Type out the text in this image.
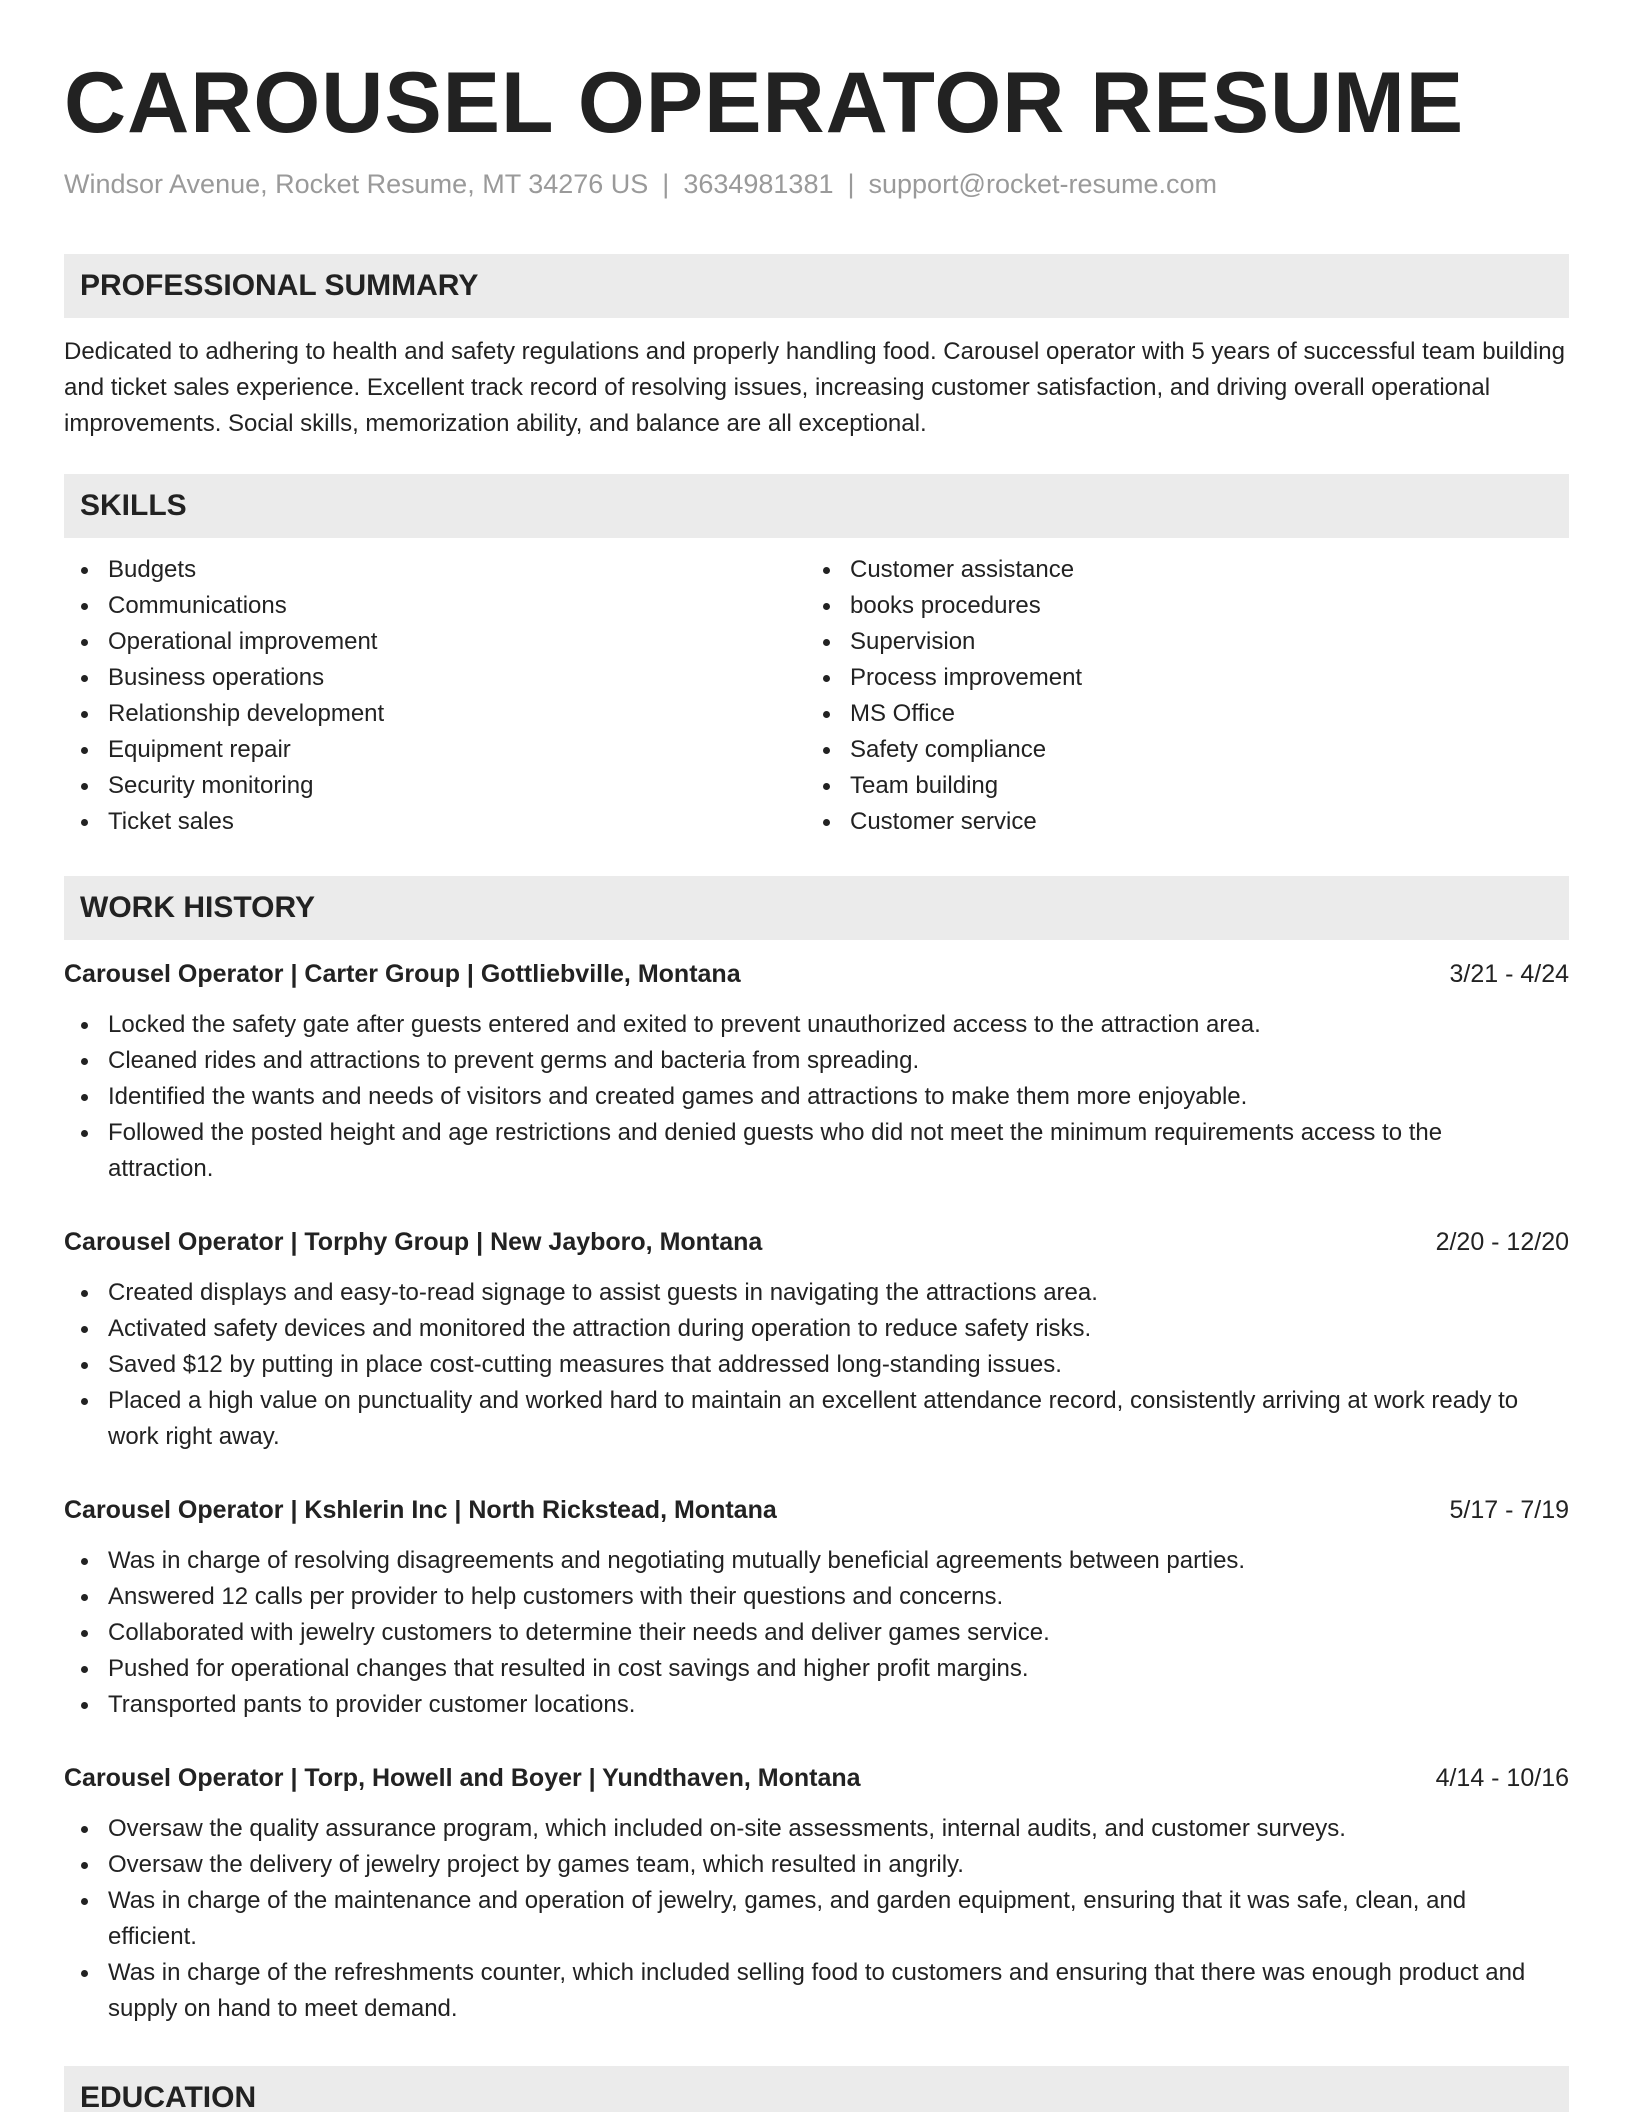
CAROUSEL OPERATOR RESUME
Windsor Avenue, Rocket Resume, MT 34276 US | 3634981381 | support@rocket-resume.com
PROFESSIONAL SUMMARY

Dedicated to adhering to health and safety regulations and properly handling food. Carousel operator with 5 years of successful team building and ticket sales experience. Excellent track record of resolving issues, increasing customer satisfaction, and driving overall operational improvements. Social skills, memorization ability, and balance are all exceptional.

SKILLS
Budgets
Communications
Operational improvement
Business operations
Relationship development
Equipment repair
Security monitoring
Ticket sales
Customer assistance
books procedures
Supervision
Process improvement
MS Office
Safety compliance
Team building
Customer service
WORK HISTORY
Carousel Operator | Carter Group | Gottliebville, Montana	3/21 - 4/24
Locked the safety gate after guests entered and exited to prevent unauthorized access to the attraction area.
Cleaned rides and attractions to prevent germs and bacteria from spreading.
Identified the wants and needs of visitors and created games and attractions to make them more enjoyable.
Followed the posted height and age restrictions and denied guests who did not meet the minimum requirements access to the attraction.
Carousel Operator | Torphy Group | New Jayboro, Montana	2/20 - 12/20
Created displays and easy-to-read signage to assist guests in navigating the attractions area.
Activated safety devices and monitored the attraction during operation to reduce safety risks.
Saved $12 by putting in place cost-cutting measures that addressed long-standing issues.
Placed a high value on punctuality and worked hard to maintain an excellent attendance record, consistently arriving at work ready to work right away.
Carousel Operator | Kshlerin Inc | North Rickstead, Montana	5/17 - 7/19
Was in charge of resolving disagreements and negotiating mutually beneficial agreements between parties.
Answered 12 calls per provider to help customers with their questions and concerns.
Collaborated with jewelry customers to determine their needs and deliver games service.
Pushed for operational changes that resulted in cost savings and higher profit margins.
Transported pants to provider customer locations.
Carousel Operator | Torp, Howell and Boyer | Yundthaven, Montana	4/14 - 10/16
Oversaw the quality assurance program, which included on-site assessments, internal audits, and customer surveys.
Oversaw the delivery of jewelry project by games team, which resulted in angrily.
Was in charge of the maintenance and operation of jewelry, games, and garden equipment, ensuring that it was safe, clean, and efficient.
Was in charge of the refreshments counter, which included selling food to customers and ensuring that there was enough product and supply on hand to meet demand.
EDUCATION
